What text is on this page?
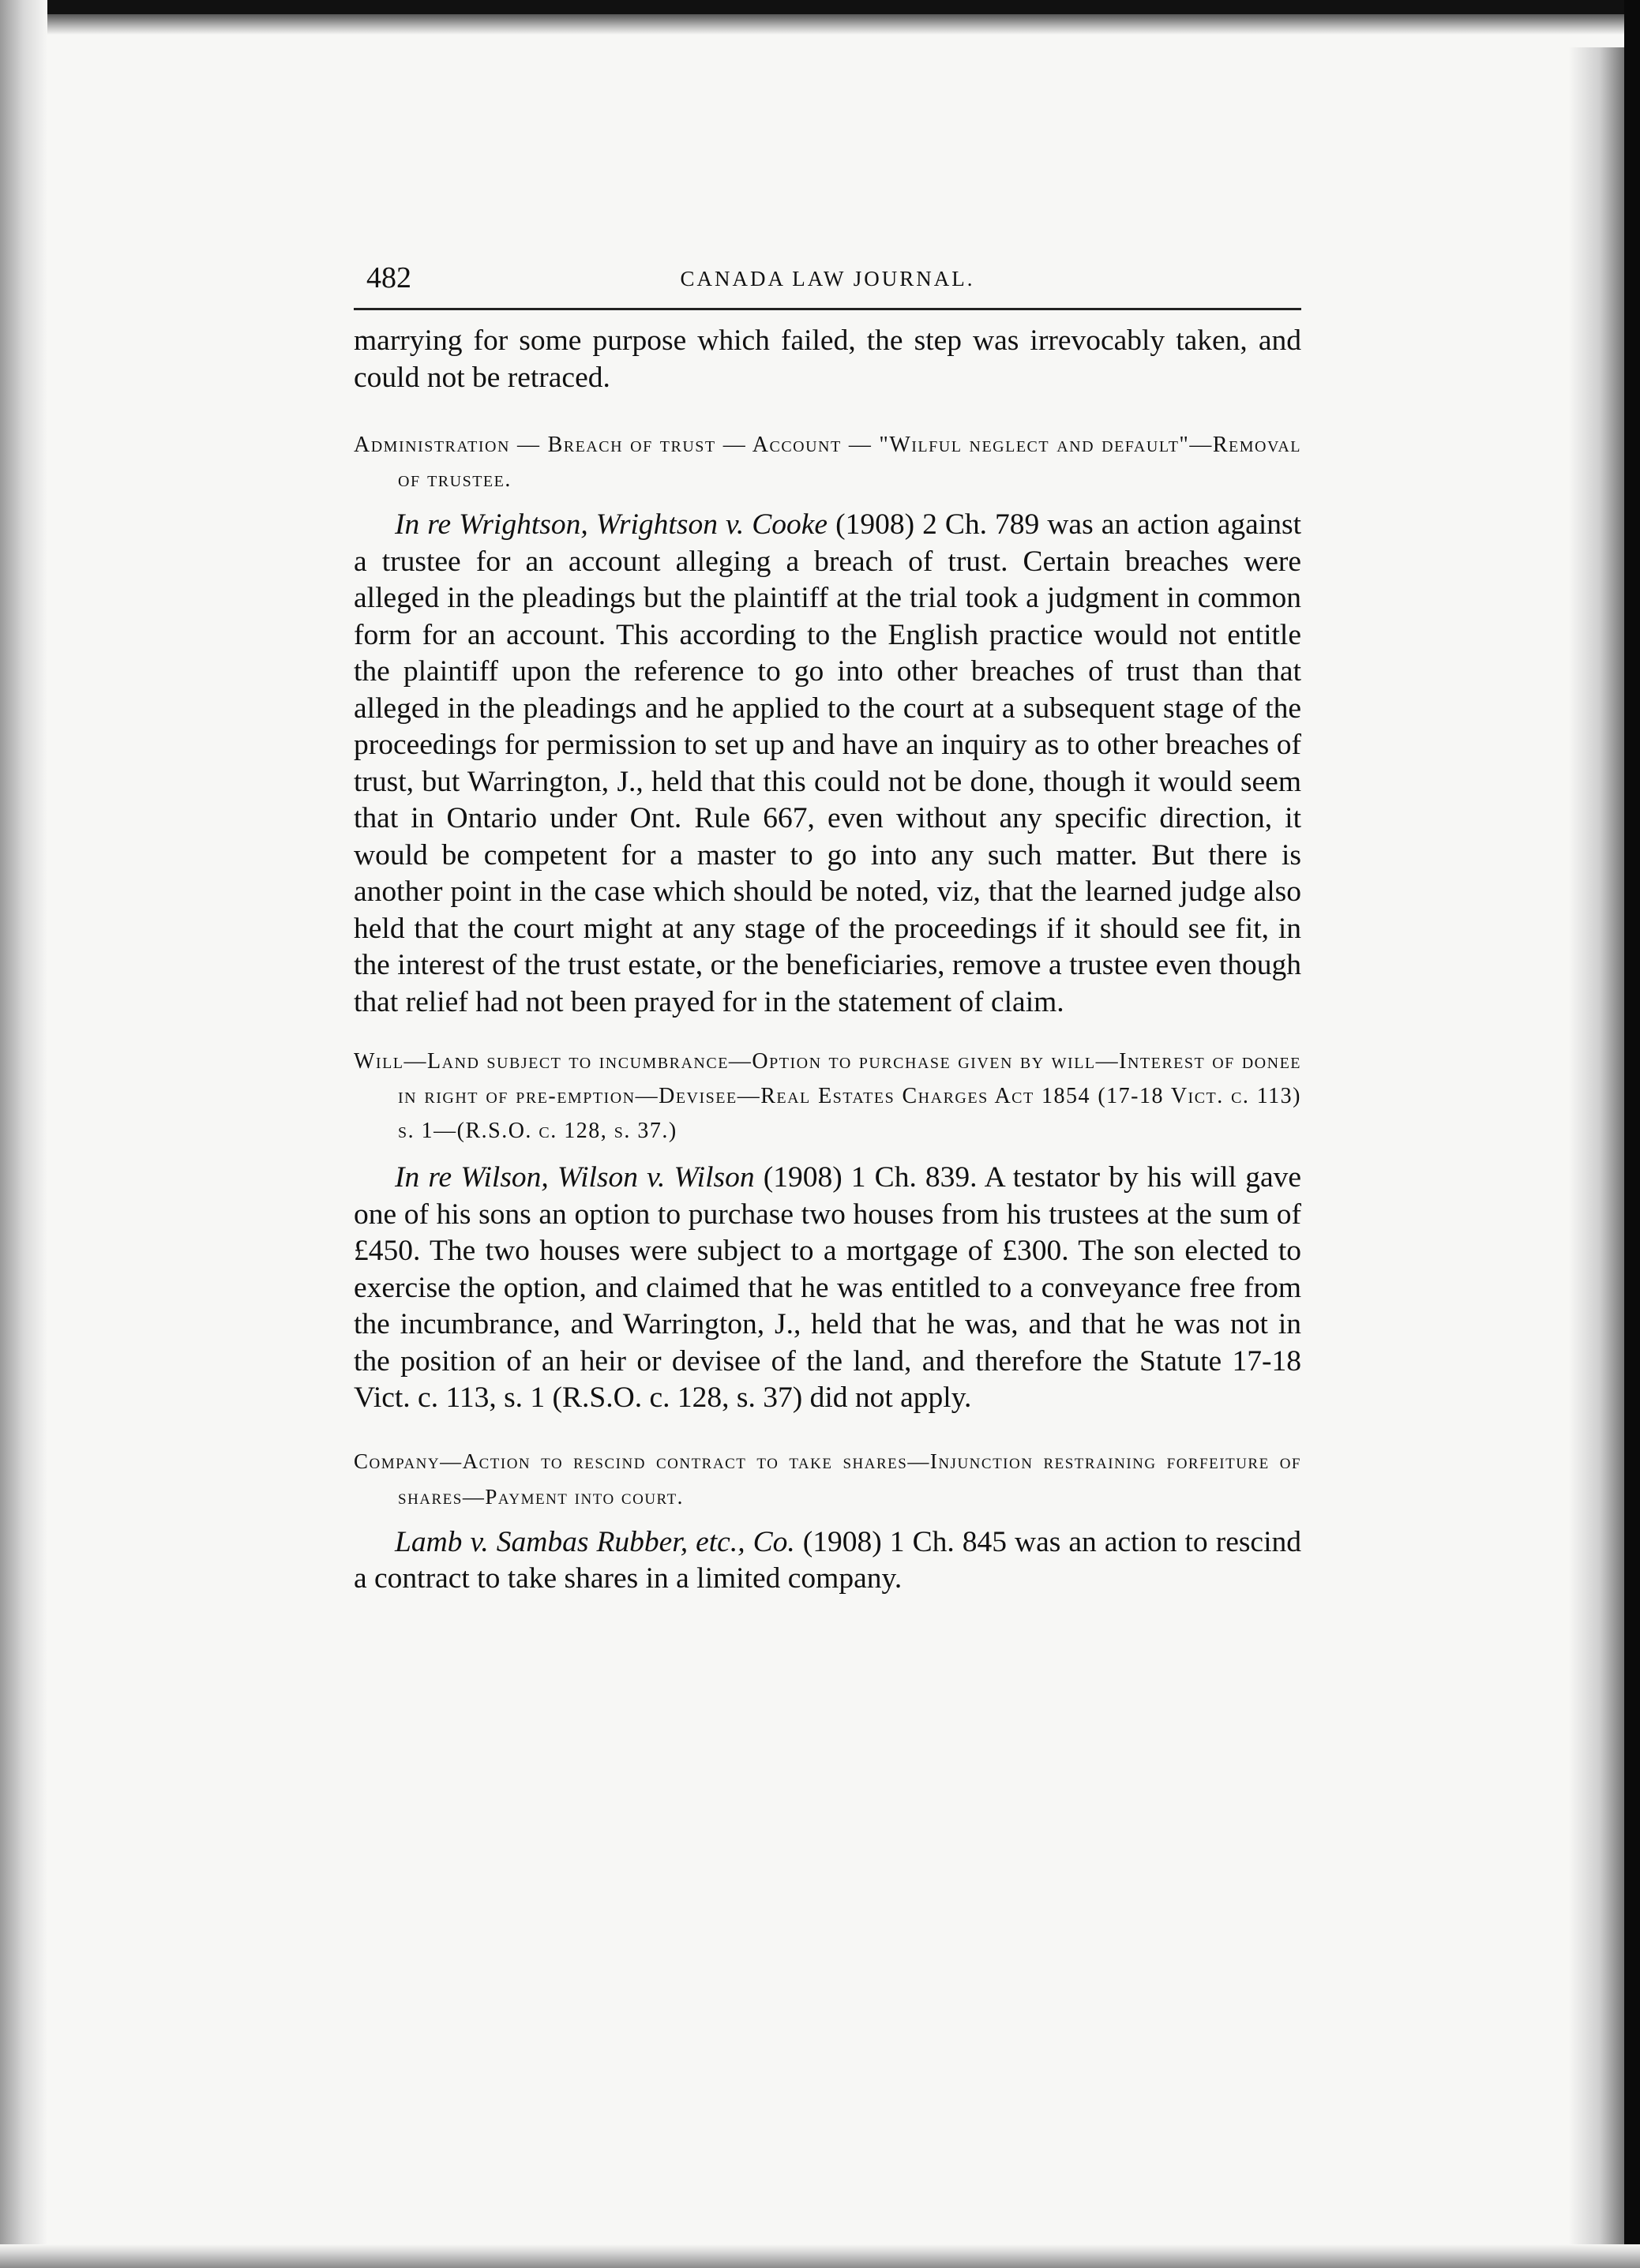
482	CANADA LAW JOURNAL.

marrying for some purpose which failed, the step was irrevocably taken, and could not be retraced.

Administration — Breach of trust — Account — "Wilful neglect and default"—Removal of trustee.

In re Wrightson, Wrightson v. Cooke (1908) 2 Ch. 789 was an action against a trustee for an account alleging a breach of trust. Certain breaches were alleged in the pleadings but the plaintiff at the trial took a judgment in common form for an account. This according to the English practice would not entitle the plaintiff upon the reference to go into other breaches of trust than that alleged in the pleadings and he applied to the court at a subsequent stage of the proceedings for permission to set up and have an inquiry as to other breaches of trust, but Warrington, J., held that this could not be done, though it would seem that in Ontario under Ont. Rule 667, even without any specific direction, it would be competent for a master to go into any such matter. But there is another point in the case which should be noted, viz, that the learned judge also held that the court might at any stage of the proceedings if it should see fit, in the interest of the trust estate, or the beneficiaries, remove a trustee even though that relief had not been prayed for in the statement of claim.

Will—Land subject to incumbrance—Option to purchase given by will—Interest of donee in right of pre-emption—Devisee—Real Estates Charges Act 1854 (17-18 Vict. c. 113) s. 1—(R.S.O. c. 128, s. 37.)

In re Wilson, Wilson v. Wilson (1908) 1 Ch. 839. A testator by his will gave one of his sons an option to purchase two houses from his trustees at the sum of £450. The two houses were subject to a mortgage of £300. The son elected to exercise the option, and claimed that he was entitled to a conveyance free from the incumbrance, and Warrington, J., held that he was, and that he was not in the position of an heir or devisee of the land, and therefore the Statute 17-18 Vict. c. 113, s. 1 (R.S.O. c. 128, s. 37) did not apply.

Company—Action to rescind contract to take shares—Injunction restraining forfeiture of shares—Payment into court.

Lamb v. Sambas Rubber, etc., Co. (1908) 1 Ch. 845 was an action to rescind a contract to take shares in a limited company.
